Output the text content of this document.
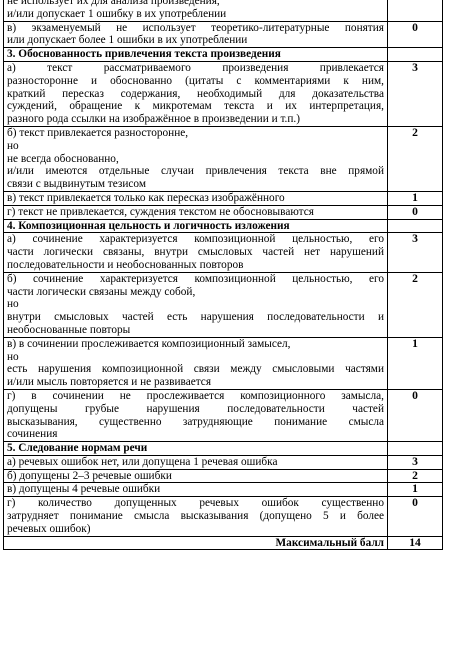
не использует их для анализа произведения,
и/или допускает 1 ошибку в их употреблении	

в) экзаменуемый не использует теоретико-литературные понятия
или допускает более 1 ошибки в их употреблении	0

3. Обоснованность привлечения текста произведения	

а) текст рассматриваемого произведения привлекается
разносторонне и обоснованно (цитаты с комментариями к ним,
краткий пересказ содержания, необходимый для доказательства
суждений, обращение к микротемам текста и их интерпретация,
разного рода ссылки на изображённое в произведении и т.п.)	3

б) текст привлекается разносторонне,
но
не всегда обоснованно,
и/или имеются отдельные случаи привлечения текста вне прямой
связи с выдвинутым тезисом	2

в) текст привлекается только как пересказ изображённого	1

г) текст не привлекается, суждения текстом не обосновываются	0

4. Композиционная цельность и логичность изложения	

а) сочинение характеризуется композиционной цельностью, его
части логически связаны, внутри смысловых частей нет нарушений
последовательности и необоснованных повторов	3

б) сочинение характеризуется композиционной цельностью, его
части логически связаны между собой,
но
внутри смысловых частей есть нарушения последовательности и
необоснованные повторы	2

в) в сочинении прослеживается композиционный замысел,
но
есть нарушения композиционной связи между смысловыми частями
и/или мысль повторяется и не развивается	1

г) в сочинении не прослеживается композиционного замысла,
допущены грубые нарушения последовательности частей
высказывания, существенно затрудняющие понимание смысла
сочинения	0

5. Следование нормам речи	

а) речевых ошибок нет, или допущена 1 речевая ошибка	3

б) допущены 2–3 речевые ошибки	2

в) допущены 4 речевые ошибки	1

г) количество допущенных речевых ошибок существенно
затрудняет понимание смысла высказывания (допущено 5 и более
речевых ошибок)	0
Максимальный балл	14
